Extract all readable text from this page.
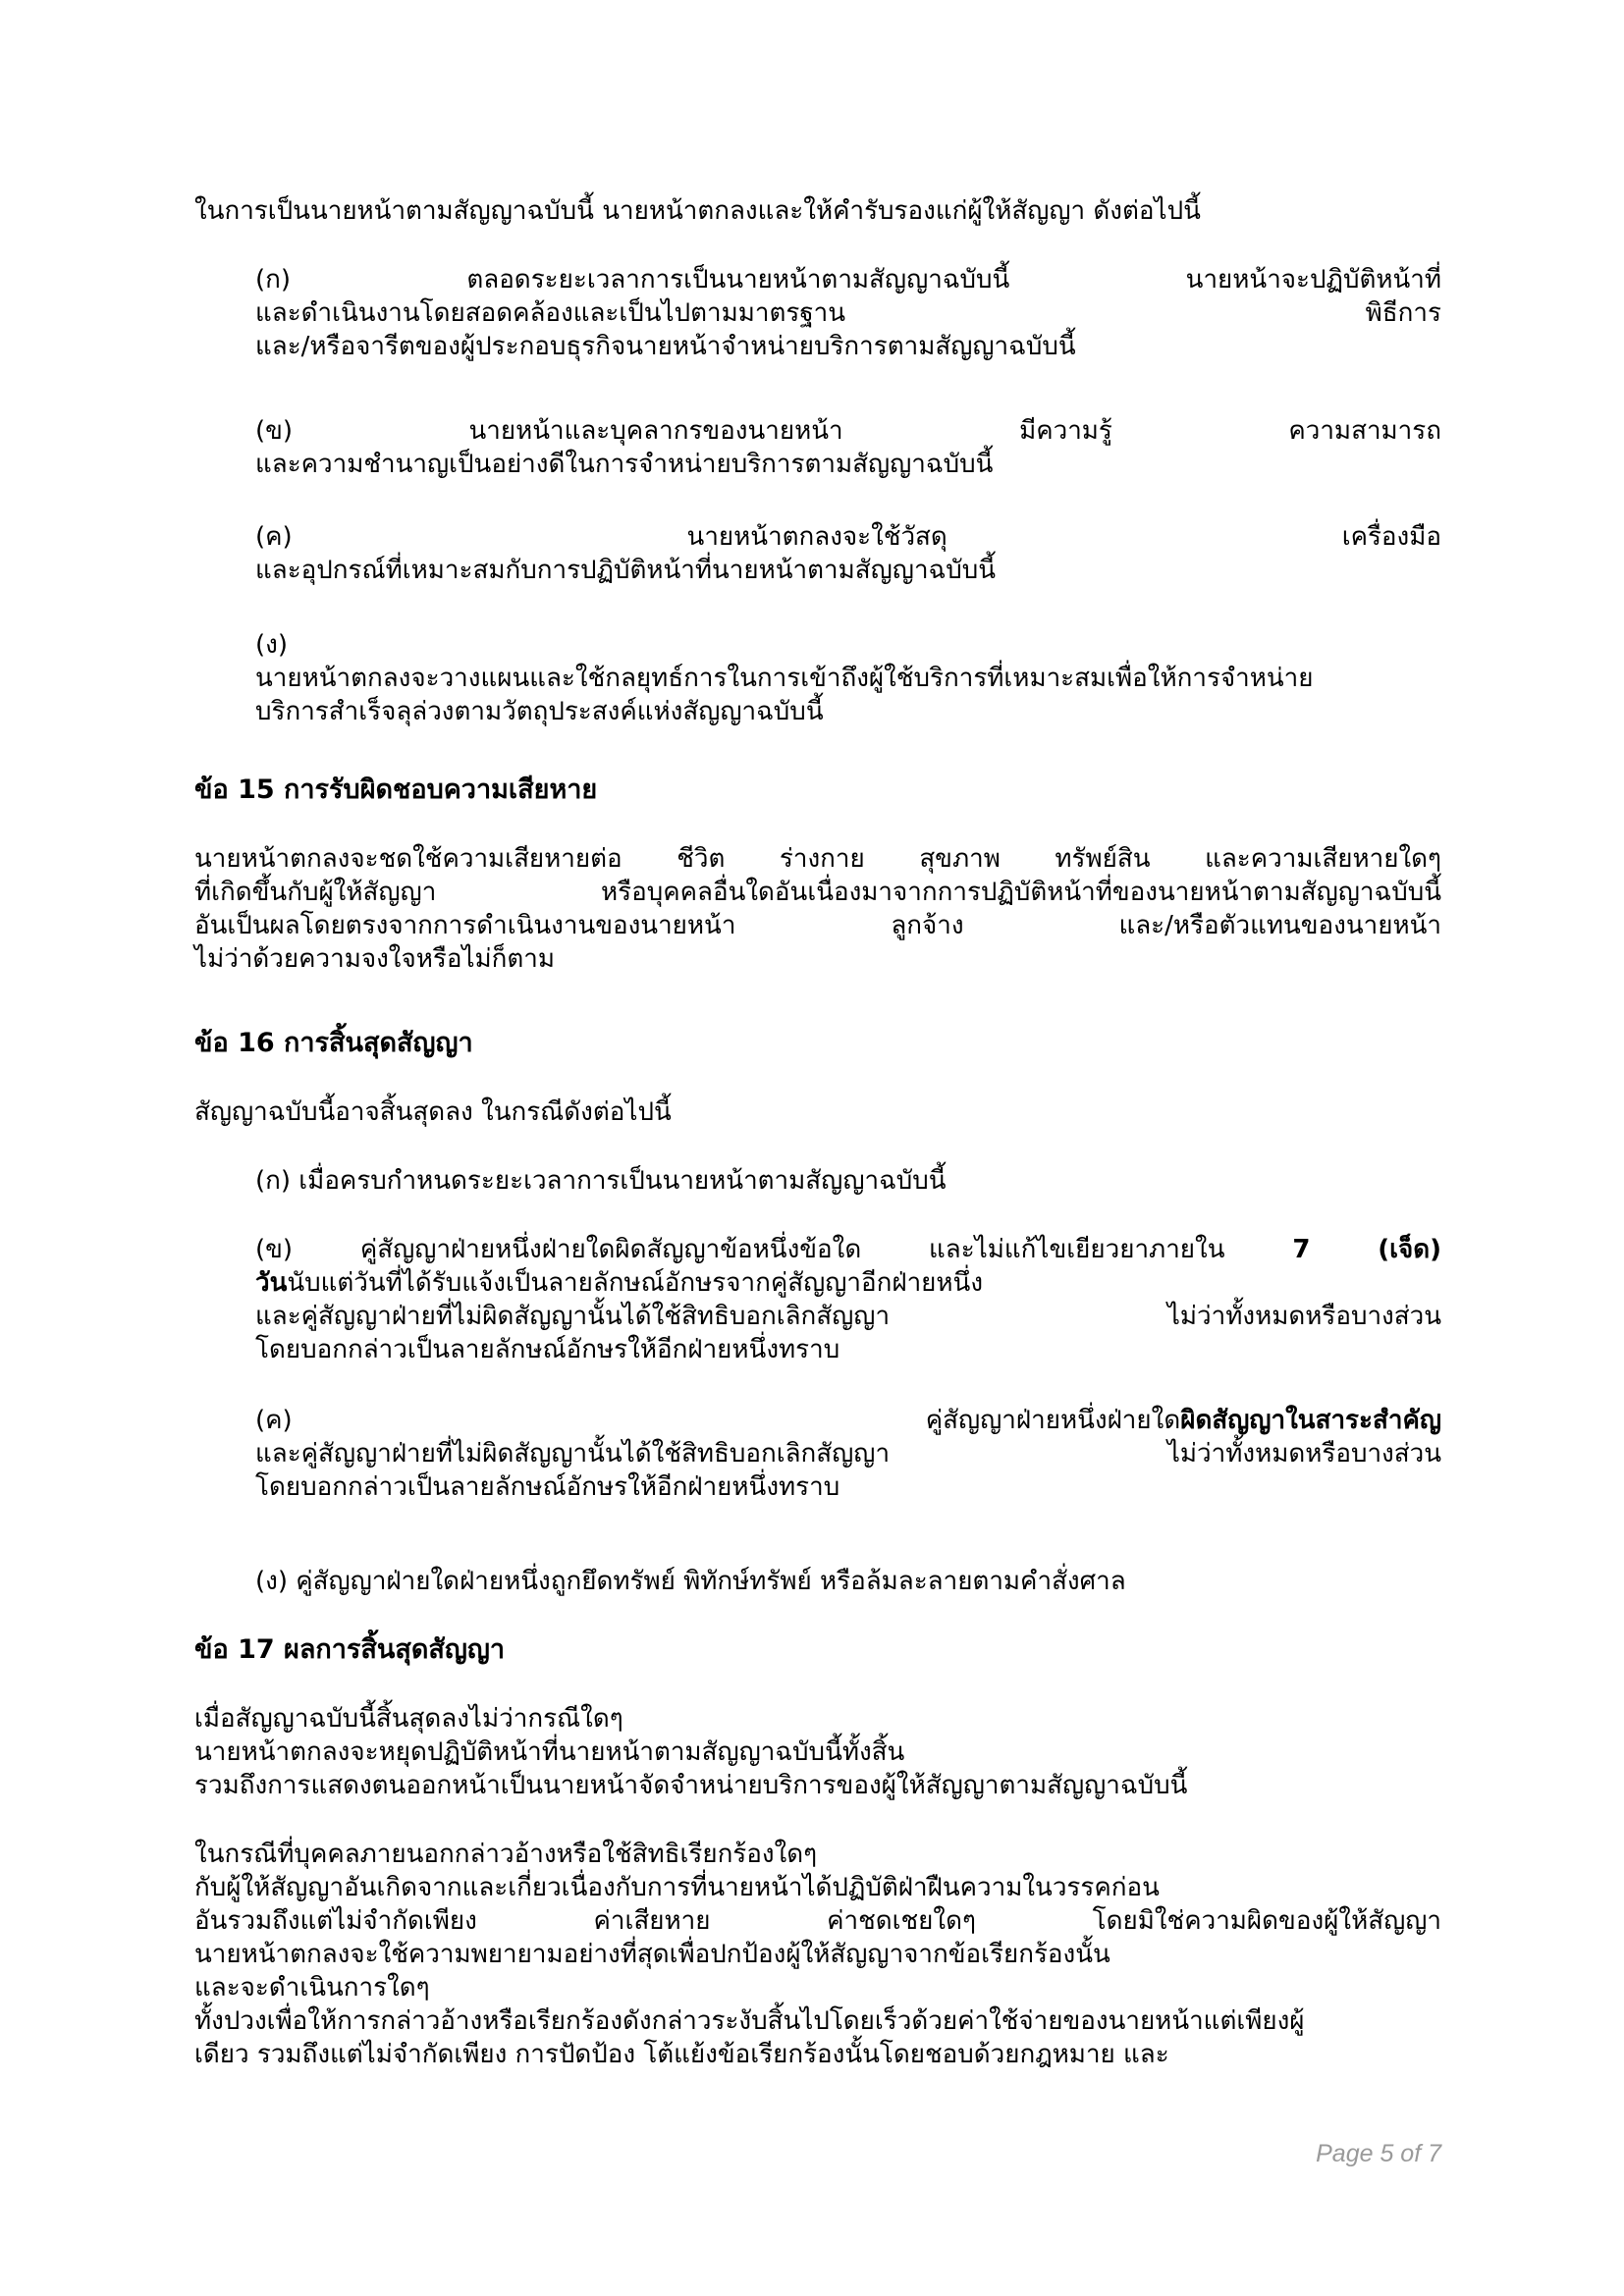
ในการเป็นนายหน้าตามสัญญาฉบับนี้ นายหน้าตกลงและให้คำรับรองแก่ผู้ให้สัญญา ดังต่อไปนี้
(ก)	ตลอดระยะเวลาการเป็นนายหน้าตามสัญญาฉบับนี้	นายหน้าจะปฏิบัติหน้าที่
และดำเนินงานโดยสอดคล้องและเป็นไปตามมาตรฐาน	พิธีการ
และ/หรือจารีตของผู้ประกอบธุรกิจนายหน้าจำหน่ายบริการตามสัญญาฉบับนี้
(ข)	นายหน้าและบุคลากรของนายหน้า	มีความรู้	ความสามารถ
และความชำนาญเป็นอย่างดีในการจำหน่ายบริการตามสัญญาฉบับนี้
(ค)	นายหน้าตกลงจะใช้วัสดุ	เครื่องมือ
และอุปกรณ์ที่เหมาะสมกับการปฏิบัติหน้าที่นายหน้าตามสัญญาฉบับนี้
(ง)
นายหน้าตกลงจะวางแผนและใช้กลยุทธ์การในการเข้าถึงผู้ใช้บริการที่เหมาะสมเพื่อให้การจำหน่าย
บริการสำเร็จลุล่วงตามวัตถุประสงค์แห่งสัญญาฉบับนี้
ข้อ 15 การรับผิดชอบความเสียหาย
นายหน้าตกลงจะชดใช้ความเสียหายต่อ ชีวิต ร่างกาย สุขภาพ ทรัพย์สิน และความเสียหายใดๆ
ที่เกิดขึ้นกับผู้ให้สัญญา	หรือบุคคลอื่นใดอันเนื่องมาจากการปฏิบัติหน้าที่ของนายหน้าตามสัญญาฉบับนี้
อันเป็นผลโดยตรงจากการดำเนินงานของนายหน้า	ลูกจ้าง	และ/หรือตัวแทนของนายหน้า
ไม่ว่าด้วยความจงใจหรือไม่ก็ตาม
ข้อ 16 การสิ้นสุดสัญญา
สัญญาฉบับนี้อาจสิ้นสุดลง ในกรณีดังต่อไปนี้
(ก) เมื่อครบกำหนดระยะเวลาการเป็นนายหน้าตามสัญญาฉบับนี้
(ข)	คู่สัญญาฝ่ายหนึ่งฝ่ายใดผิดสัญญาข้อหนึ่งข้อใด	และไม่แก้ไขเยียวยาภายใน	7	(เจ็ด)
วันนับแต่วันที่ได้รับแจ้งเป็นลายลักษณ์อักษรจากคู่สัญญาอีกฝ่ายหนึ่ง
และคู่สัญญาฝ่ายที่ไม่ผิดสัญญานั้นได้ใช้สิทธิบอกเลิกสัญญา	ไม่ว่าทั้งหมดหรือบางส่วน
โดยบอกกล่าวเป็นลายลักษณ์อักษรให้อีกฝ่ายหนึ่งทราบ
(ค)	คู่สัญญาฝ่ายหนึ่งฝ่ายใดผิดสัญญาในสาระสำคัญ
และคู่สัญญาฝ่ายที่ไม่ผิดสัญญานั้นได้ใช้สิทธิบอกเลิกสัญญา	ไม่ว่าทั้งหมดหรือบางส่วน
โดยบอกกล่าวเป็นลายลักษณ์อักษรให้อีกฝ่ายหนึ่งทราบ
(ง) คู่สัญญาฝ่ายใดฝ่ายหนึ่งถูกยึดทรัพย์ พิทักษ์ทรัพย์ หรือล้มละลายตามคำสั่งศาล
ข้อ 17 ผลการสิ้นสุดสัญญา
เมื่อสัญญาฉบับนี้สิ้นสุดลงไม่ว่ากรณีใดๆ
นายหน้าตกลงจะหยุดปฏิบัติหน้าที่นายหน้าตามสัญญาฉบับนี้ทั้งสิ้น
รวมถึงการแสดงตนออกหน้าเป็นนายหน้าจัดจำหน่ายบริการของผู้ให้สัญญาตามสัญญาฉบับนี้
ในกรณีที่บุคคลภายนอกกล่าวอ้างหรือใช้สิทธิเรียกร้องใดๆ
กับผู้ให้สัญญาอันเกิดจากและเกี่ยวเนื่องกับการที่นายหน้าได้ปฏิบัติฝ่าฝืนความในวรรคก่อน
อันรวมถึงแต่ไม่จำกัดเพียง	ค่าเสียหาย	ค่าชดเชยใดๆ	โดยมิใช่ความผิดของผู้ให้สัญญา
นายหน้าตกลงจะใช้ความพยายามอย่างที่สุดเพื่อปกป้องผู้ให้สัญญาจากข้อเรียกร้องนั้น
และจะดำเนินการใดๆ
ทั้งปวงเพื่อให้การกล่าวอ้างหรือเรียกร้องดังกล่าวระงับสิ้นไปโดยเร็วด้วยค่าใช้จ่ายของนายหน้าแต่เพียงผู้
เดียว รวมถึงแต่ไม่จำกัดเพียง การปัดป้อง โต้แย้งข้อเรียกร้องนั้นโดยชอบด้วยกฎหมาย และ
Page 5 of 7
